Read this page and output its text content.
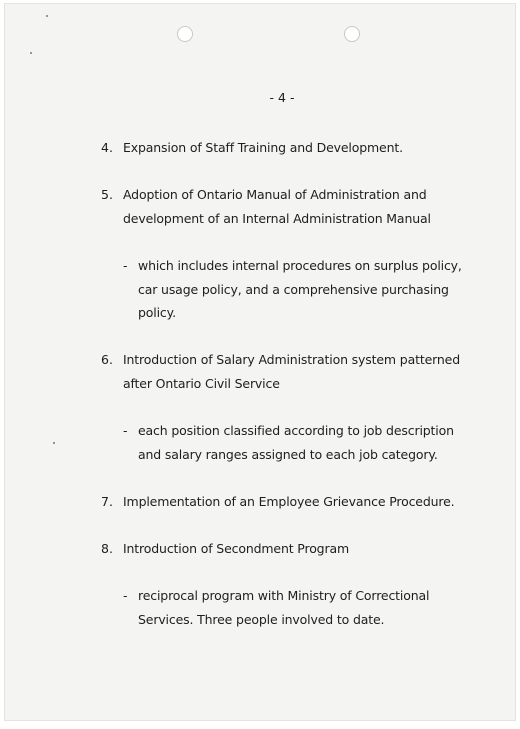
- 4 -
4. Expansion of Staff Training and Development.
5. Adoption of Ontario Manual of Administration and
development of an Internal Administration Manual
- which includes internal procedures on surplus policy,
car usage policy, and a comprehensive purchasing
policy.
6. Introduction of Salary Administration system patterned
after Ontario Civil Service
- each position classified according to job description
and salary ranges assigned to each job category.
7. Implementation of an Employee Grievance Procedure.
8. Introduction of Secondment Program
- reciprocal program with Ministry of Correctional
Services. Three people involved to date.
